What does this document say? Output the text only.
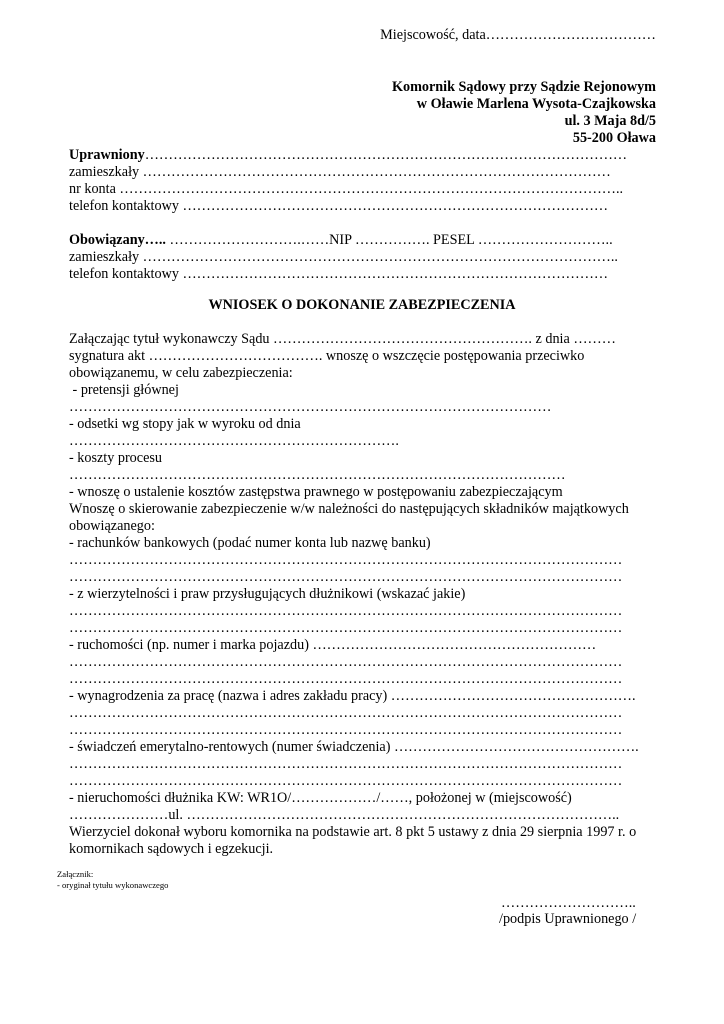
Miejscowość, data………………………………
Komornik Sądowy przy Sądzie Rejonowym
w Oławie Marlena Wysota-Czajkowska
ul. 3 Maja 8d/5
55-200 Oława
Uprawniony…………………………………………………………………………………………
zamieszkały ………………………………………………………………………………………
nr konta ……………………………………………………………………………………………..
telefon kontaktowy ………………………………………………………………………………
Obowiązany….. ……………………….……NIP ……………. PESEL ………………………..
zamieszkały ………………………………………………………………………………………..
telefon kontaktowy ………………………………………………………………………………
WNIOSEK O DOKONANIE ZABEZPIECZENIA
Załączając tytuł wykonawczy Sądu ………………………………………………. z dnia ………
sygnatura akt ………………………………. wnoszę o wszczęcie postępowania przeciwko
obowiązanemu, w celu zabezpieczenia:
- pretensji głównej
…………………………………………………………………………………………
- odsetki wg stopy jak w wyroku od dnia
…………………………………………………………….
- koszty procesu
……………………………………………………………………………………………
- wnoszę o ustalenie kosztów zastępstwa prawnego w postępowaniu zabezpieczającym
Wnoszę o skierowanie zabezpieczenie w/w należności do następujących składników majątkowych
obowiązanego:
- rachunków bankowych (podać numer konta lub nazwę banku)
………………………………………………………………………………………………………
………………………………………………………………………………………………………
- z wierzytelności i praw przysługujących dłużnikowi (wskazać jakie)
………………………………………………………………………………………………………
………………………………………………………………………………………………………
- ruchomości (np. numer i marka pojazdu) ……………………………………………………
………………………………………………………………………………………………………
………………………………………………………………………………………………………
- wynagrodzenia za pracę (nazwa i adres zakładu pracy) …………………………………………….
………………………………………………………………………………………………………
………………………………………………………………………………………………………
- świadczeń emerytalno-rentowych (numer świadczenia) …………………………………………….
………………………………………………………………………………………………………
………………………………………………………………………………………………………
- nieruchomości dłużnika KW: WR1O/………………/……, położonej w (miejscowość)
…………………ul. ………………………………………………………………………………..
Wierzyciel dokonał wyboru komornika na podstawie art. 8 pkt 5 ustawy z dnia 29 sierpnia 1997 r. o
komornikach sądowych i egzekucji.
Załącznik:
- oryginał tytułu wykonawczego
………………………..
/podpis Uprawnionego /
